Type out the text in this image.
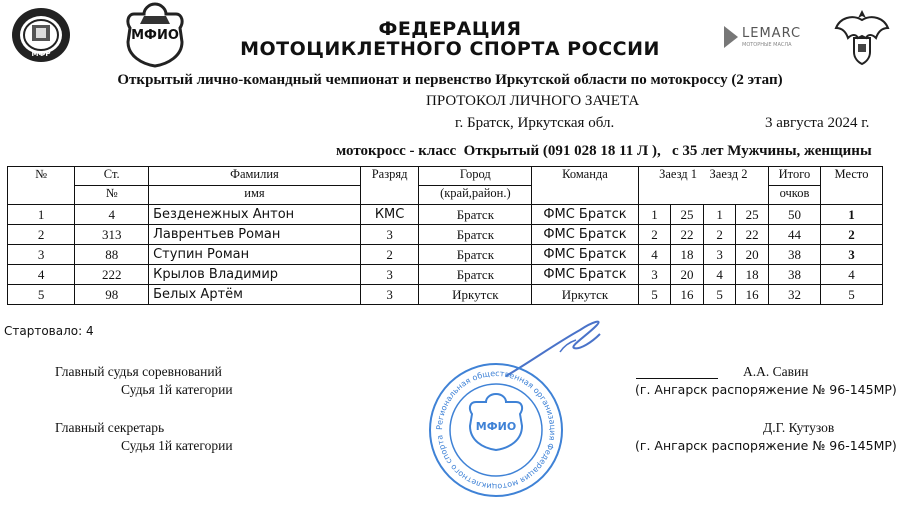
МФР
МФИО	LEMARC
МОТОРНЫЕ МАСЛА
ФЕДЕРАЦИЯ
МОТОЦИКЛЕТНОГО СПОРТА РОССИИ
Открытый лично-командный чемпионат и первенство Иркутской области по мотокроссу (2 этап)
ПРОТОКОЛ ЛИЧНОГО ЗАЧЕТА
г. Братск, Иркутская обл.	3 августа 2024 г.
мотокросс - класс  Открытый (091 028 18 11 Л ),   с 35 лет Мужчины, женщины
№	Ст.	Фамилия	Разряд	Город	Команда	Заезд 1    Заезд 2				Итого	Место
	№	имя		(край,район.)						очков	
1	4	Безденежных Антон	КМС	Братск	ФМС Братск	1	25	1	25	50	1
2	313	Лаврентьев Роман	3	Братск	ФМС Братск	2	22	2	22	44	2
3	88	Ступин Роман	2	Братск	ФМС Братск	4	18	3	20	38	3
4	222	Крылов Владимир	3	Братск	ФМС Братск	3	20	4	18	38	4
5	98	Белых Артём	3	Иркутск	Иркутск	5	16	5	16	32	5
Стартовало: 4
Главный судья соревнований
Судья 1й категории
Главный секретарь
Судья 1й категории
А.А. Савин
(г. Ангарск распоряжение № 96-145МР)
Д.Г. Кутузов
(г. Ангарск распоряжение № 96-145МР)
Региональная общественная организация Федерация мотоциклетного спорта
МФИО
